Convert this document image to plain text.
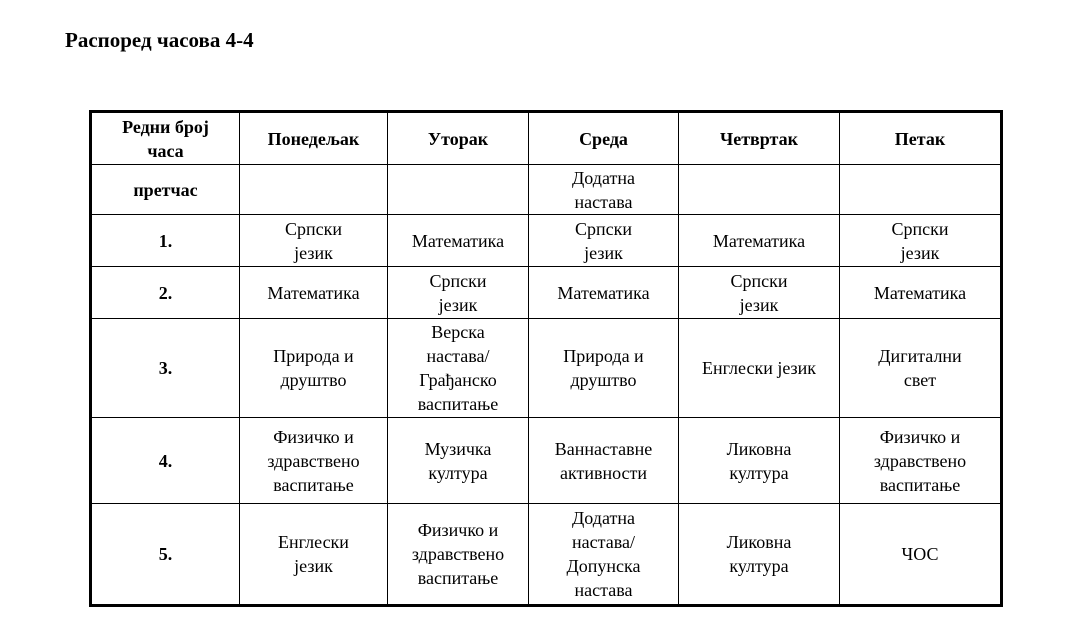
Распоред часова 4-4
Редни број
часа	Понедељак	Уторак	Среда	Четвртак	Петак
претчас			Додатна
настава		
1.	Српски
језик	Математика	Српски
језик	Математика	Српски
језик
2.	Математика	Српски
језик	Математика	Српски
језик	Математика
3.	Природа и
друштво	Верска
настава/
Грађанско
васпитање	Природа и
друштво	Енглески језик	Дигитални
свет
4.	Физичко и
здравствено
васпитање	Музичка
култура	Ваннаставне
активности	Ликовна
култура	Физичко и
здравствено
васпитање
5.	Енглески
језик	Физичко и
здравствено
васпитање	Додатна
настава/
Допунска
настава	Ликовна
култура	ЧОС
